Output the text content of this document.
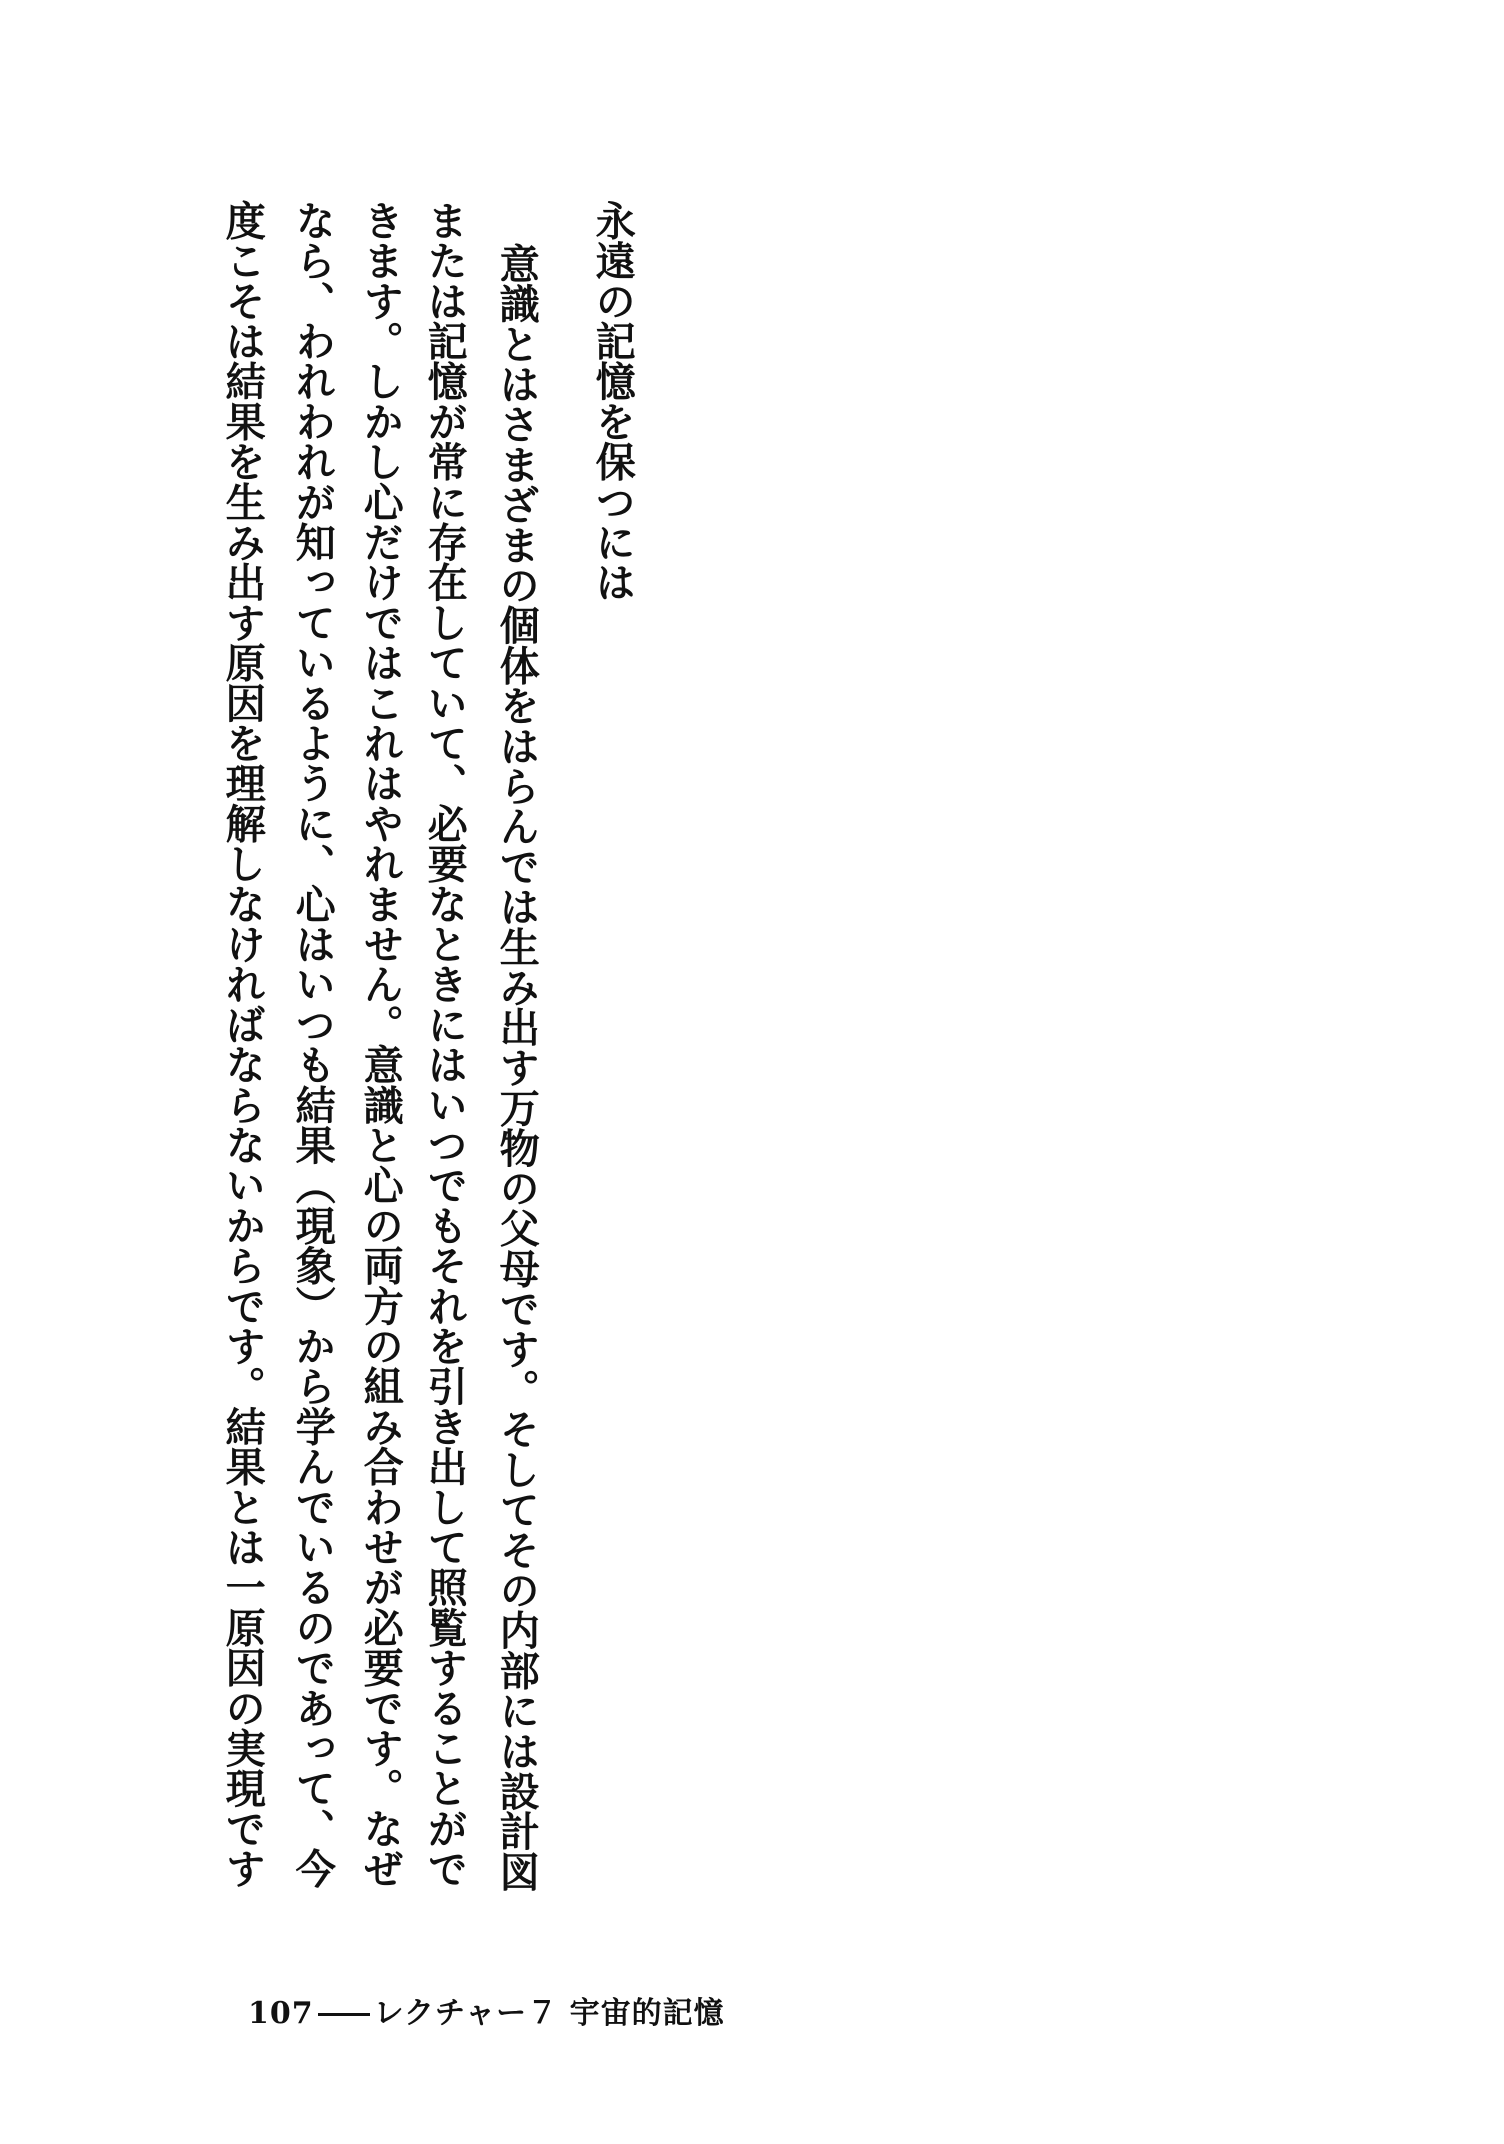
永遠の記憶を保つには

意識とはさまざまの個体をはらんでは生み出す万物の父母です。そしてその内部には設計図

または記憶が常に存在していて、必要なときにはいつでもそれを引き出して照覧することがで

きます。しかし心だけではこれはやれません。意識と心の両方の組み合わせが必要です。なぜ

なら、われわれが知っているように、心はいつも結果（現象）から学んでいるのであって、今

度こそは結果を生み出す原因を理解しなければならないからです。結果とは一原因の実現です

107 レクチャー７ 宇宙的記憶
